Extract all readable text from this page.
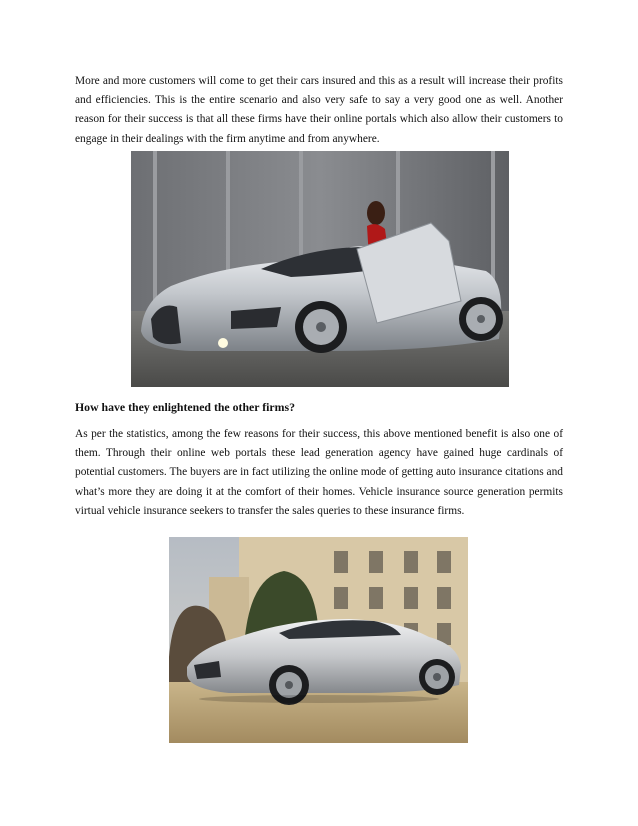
More and more customers will come to get their cars insured and this as a result will increase their profits and efficiencies. This is the entire scenario and also very safe to say a very good one as well. Another reason for their success is that all these firms have their online portals which also allow their customers to engage in their dealings with the firm anytime and from anywhere.

How have they enlightened the other firms?

As per the statistics, among the few reasons for their success, this above mentioned benefit is also one of them. Through their online web portals these lead generation agency have gained huge cardinals of potential customers. The buyers are in fact utilizing the online mode of getting auto insurance citations and what’s more they are doing it at the comfort of their homes. Vehicle insurance source generation permits virtual vehicle insurance seekers to transfer the sales queries to these insurance firms.
